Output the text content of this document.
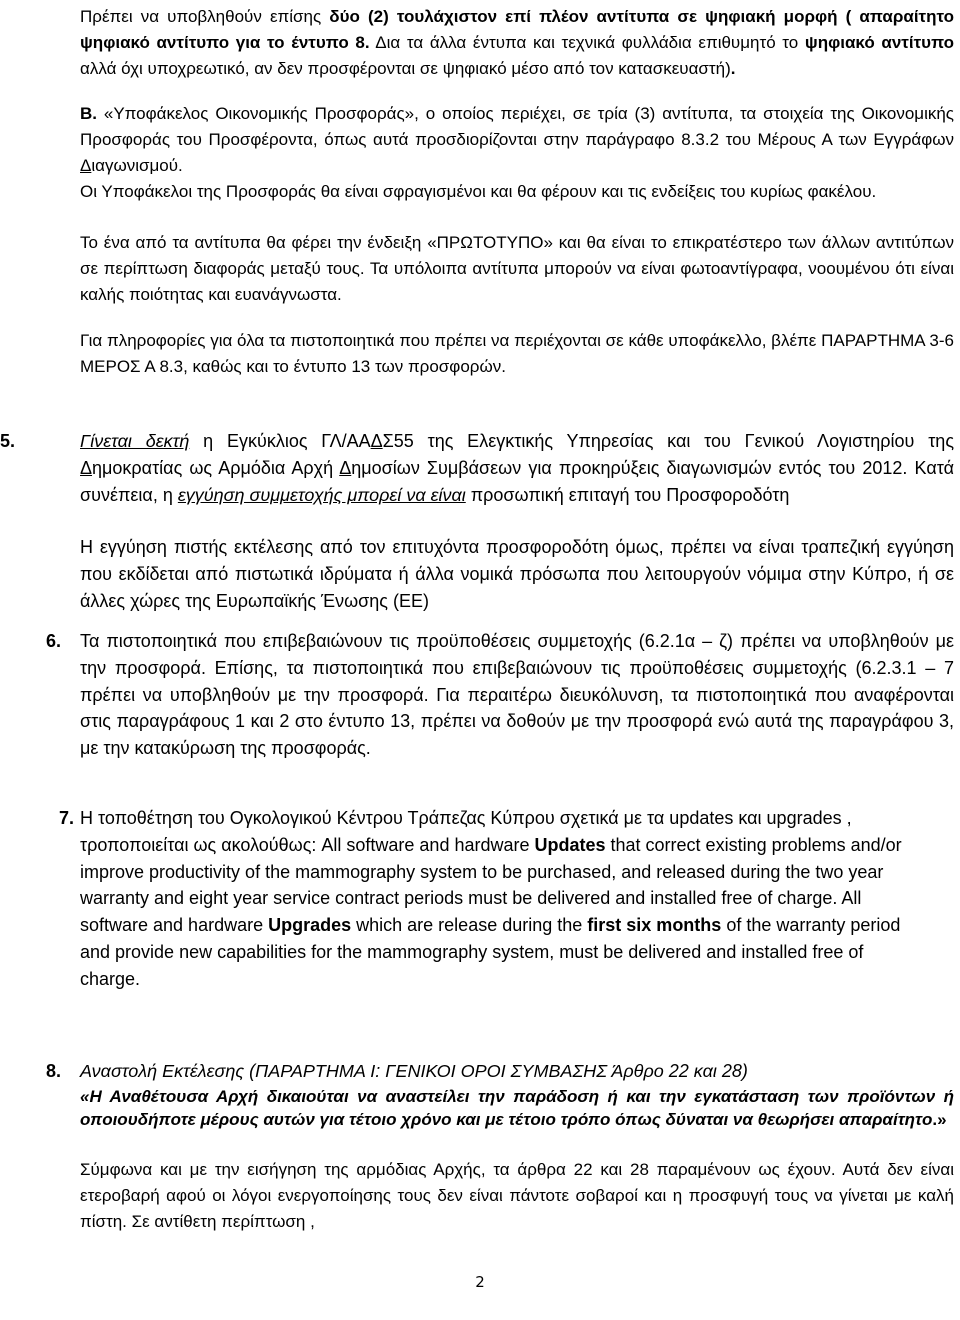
Πρέπει να υποβληθούν επίσης δύο (2) τουλάχιστον επί πλέον αντίτυπα σε ψηφιακή μορφή ( απαραίτητο ψηφιακό αντίτυπο για το έντυπο 8. Δια τα άλλα έντυπα και τεχνικά φυλλάδια επιθυμητό το ψηφιακό αντίτυπο αλλά όχι υποχρεωτικό, αν δεν προσφέρονται σε ψηφιακό μέσο από τον κατασκευαστή).

B. «Υποφάκελος Οικονομικής Προσφοράς», ο οποίος περιέχει, σε τρία (3) αντίτυπα, τα στοιχεία της Οικονομικής Προσφοράς του Προσφέροντα, όπως αυτά προσδιορίζονται στην παράγραφο 8.3.2 του Μέρους Α των Εγγράφων Διαγωνισμού.

Οι Υποφάκελοι της Προσφοράς θα είναι σφραγισμένοι και θα φέρουν και τις ενδείξεις του κυρίως φακέλου.

Το ένα από τα αντίτυπα θα φέρει την ένδειξη «ΠΡΩΤΟΤΥΠΟ» και θα είναι το επικρατέστερο των άλλων αντιτύπων σε περίπτωση διαφοράς μεταξύ τους. Τα υπόλοιπα αντίτυπα μπορούν να είναι φωτοαντίγραφα, νοουμένου ότι είναι καλής ποιότητας και ευανάγνωστα.

Για πληροφορίες για όλα τα πιστοποιητικά που πρέπει να περιέχονται σε κάθε υποφάκελλο, βλέπε ΠΑΡΑΡΤΗΜΑ 3-6 ΜΕΡΟΣ Α 8.3, καθώς και το έντυπο 13 των προσφορών.

5.	Γίνεται δεκτή η Εγκύκλιος ΓΛ/ΑΑΔΣ55 της Ελεγκτικής Υπηρεσίας και του Γενικού Λογιστηρίου της Δημοκρατίας ως Αρμόδια Αρχή Δημοσίων Συμβάσεων για προκηρύξεις διαγωνισμών εντός του 2012. Κατά συνέπεια, η εγγύηση συμμετοχής μπορεί να είναι προσωπική επιταγή του Προσφοροδότη

Η εγγύηση πιστής εκτέλεσης από τον επιτυχόντα προσφοροδότη όμως, πρέπει να είναι τραπεζική εγγύηση που εκδίδεται από πιστωτικά ιδρύματα ή άλλα νομικά πρόσωπα που λειτουργούν νόμιμα στην Κύπρο, ή σε άλλες χώρες της Ευρωπαϊκής Ένωσης (ΕΕ)

6. Τα πιστοποιητικά που επιβεβαιώνουν τις προϋποθέσεις συμμετοχής (6.2.1α – ζ) πρέπει να υποβληθούν με την προσφορά. Επίσης, τα πιστοποιητικά που επιβεβαιώνουν τις προϋποθέσεις συμμετοχής (6.2.3.1 – 7 πρέπει να υποβληθούν με την προσφορά. Για περαιτέρω διευκόλυνση, τα πιστοποιητικά που αναφέρονται στις παραγράφους 1 και 2 στο έντυπο 13, πρέπει να δοθούν με την προσφορά ενώ αυτά της παραγράφου 3, με την κατακύρωση της προσφοράς.

7. Η τοποθέτηση του Ογκολογικού Κέντρου Τράπεζας Κύπρου σχετικά με τα updates και upgrades , τροποποιείται ως ακολούθως: All software and hardware Updates that correct existing problems and/or improve productivity of the mammography system to be purchased, and released during the two year warranty and eight year service contract periods must be delivered and installed free of charge. All software and hardware Upgrades which are release during the first six months of the warranty period and provide new capabilities for the mammography system, must be delivered and installed free of charge.

8. Αναστολή Εκτέλεσης (ΠΑΡΑΡΤΗΜΑ Ι: ΓΕΝΙΚΟΙ ΟΡΟΙ ΣΥΜΒΑΣΗΣ Άρθρο 22 και 28)

«Η Αναθέτουσα Αρχή δικαιούται να αναστείλει την παράδοση ή και την εγκατάσταση των προϊόντων ή οποιουδήποτε μέρους αυτών για τέτοιο χρόνο και με τέτοιο τρόπο όπως δύναται να θεωρήσει απαραίτητο.»

Σύμφωνα και με την εισήγηση της αρμόδιας Αρχής, τα άρθρα 22 και 28 παραμένουν ως έχουν. Αυτά δεν είναι ετεροβαρή αφού οι λόγοι ενεργοποίησης τους δεν είναι πάντοτε σοβαροί και η προσφυγή τους να γίνεται με καλή πίστη. Σε αντίθετη περίπτωση ,

2
